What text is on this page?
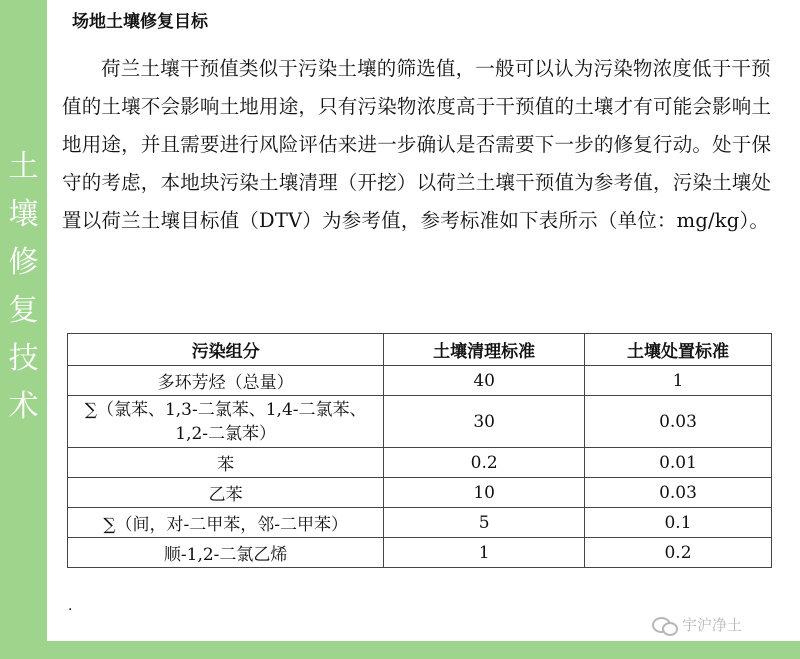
土
壤
修
复
技
术
场地土壤修复目标

荷兰土壤干预值类似于污染土壤的筛选值，一般可以认为污染物浓度低于干预值的土壤不会影响土地用途，只有污染物浓度高于干预值的土壤才有可能会影响土地用途，并且需要进行风险评估来进一步确认是否需要下一步的修复行动。处于保守的考虑，本地块污染土壤清理（开挖）以荷兰土壤干预值为参考值，污染土壤处置以荷兰土壤目标值（DTV）为参考值，参考标准如下表所示（单位：mg/kg）。

污染组分	土壤清理标准	土壤处置标准
多环芳烃（总量）	40	1
∑（氯苯、1,3-二氯苯、1,4-二氯苯、1,2-二氯苯）	30	0.03
苯	0.2	0.01
乙苯	10	0.03
∑（间，对-二甲苯，邻-二甲苯）	5	0.1
顺-1,2-二氯乙烯	1	0.2
.
宇沪净土
